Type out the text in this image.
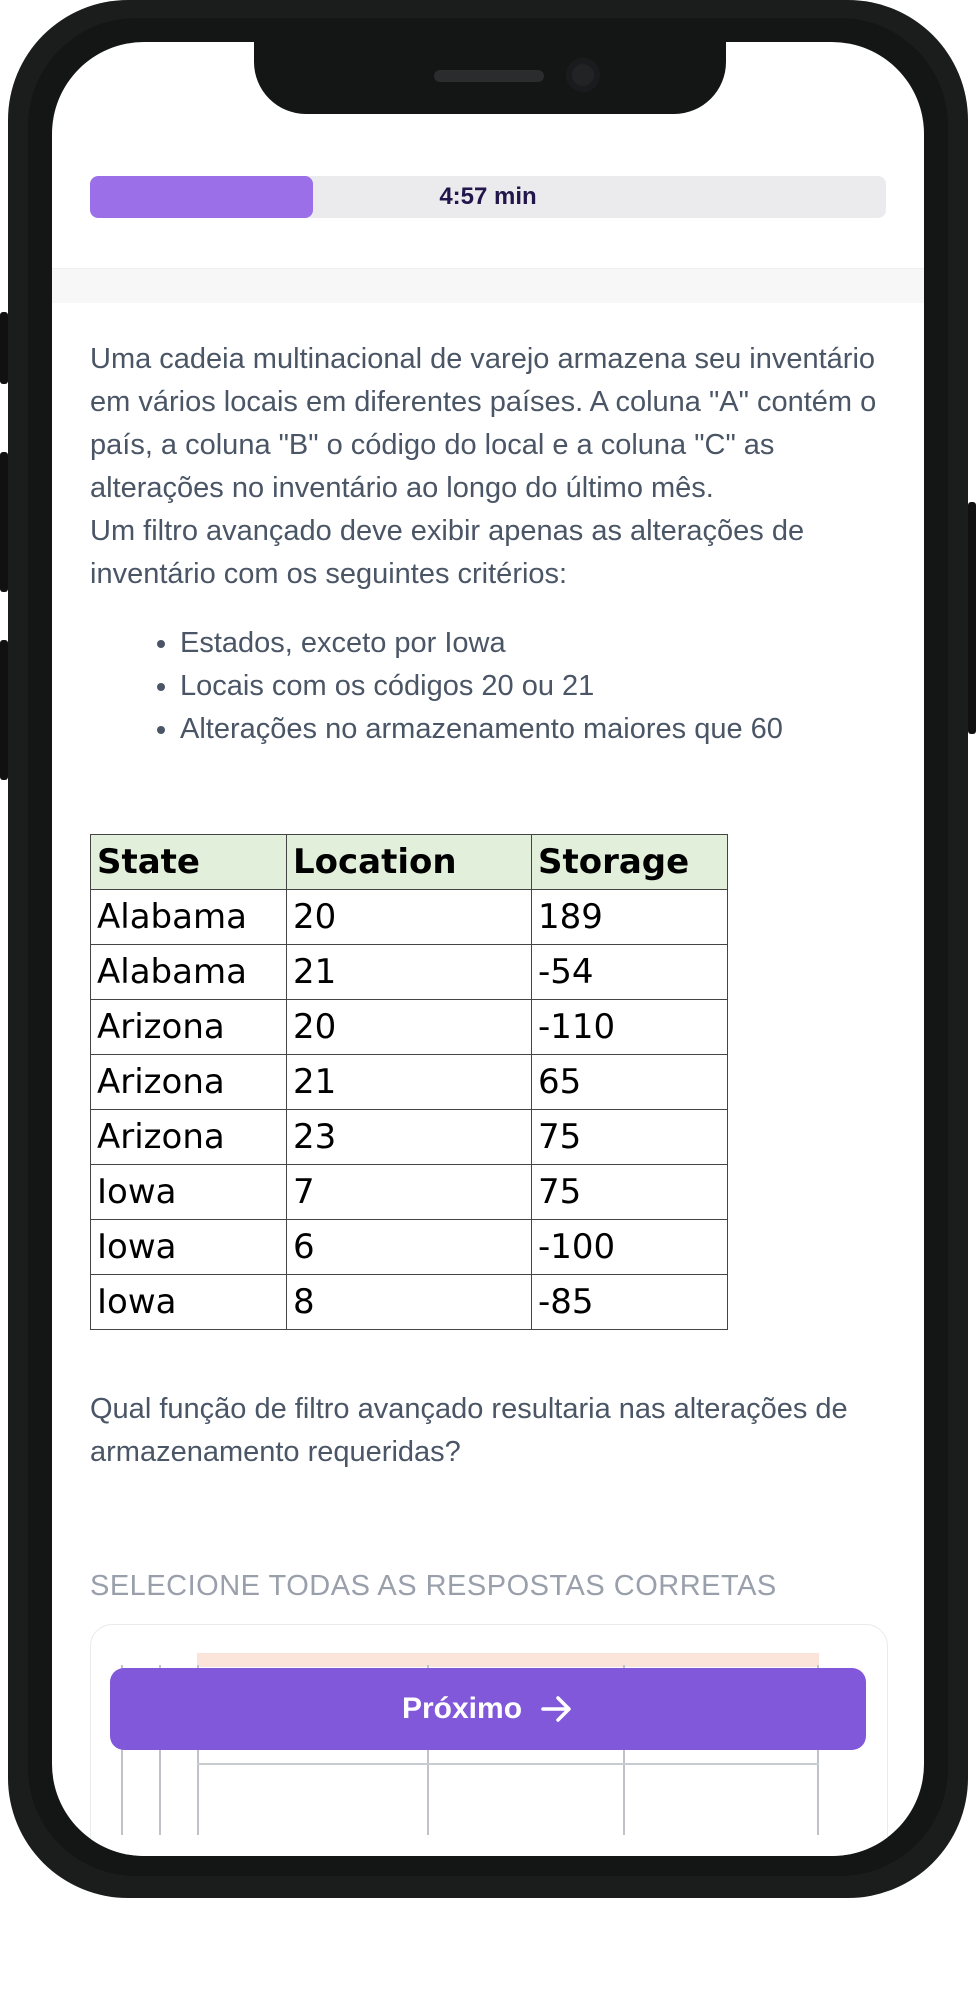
4:57 min

Uma cadeia multinacional de varejo armazena seu inventário em vários locais em diferentes países. A coluna "A" contém o país, a coluna "B" o código do local e a coluna "C" as alterações no inventário ao longo do último mês.

Um filtro avançado deve exibir apenas as alterações de inventário com os seguintes critérios:

• Estados, exceto por Iowa
• Locais com os códigos 20 ou 21
• Alterações no armazenamento maiores que 60
State	Location	Storage
Alabama	20	189
Alabama	21	-54
Arizona	20	-110
Arizona	21	65
Arizona	23	75
Iowa	7	75
Iowa	6	-100
Iowa	8	-85
Qual função de filtro avançado resultaria nas alterações de armazenamento requeridas?
SELECIONE TODAS AS RESPOSTAS CORRETAS
Próximo
